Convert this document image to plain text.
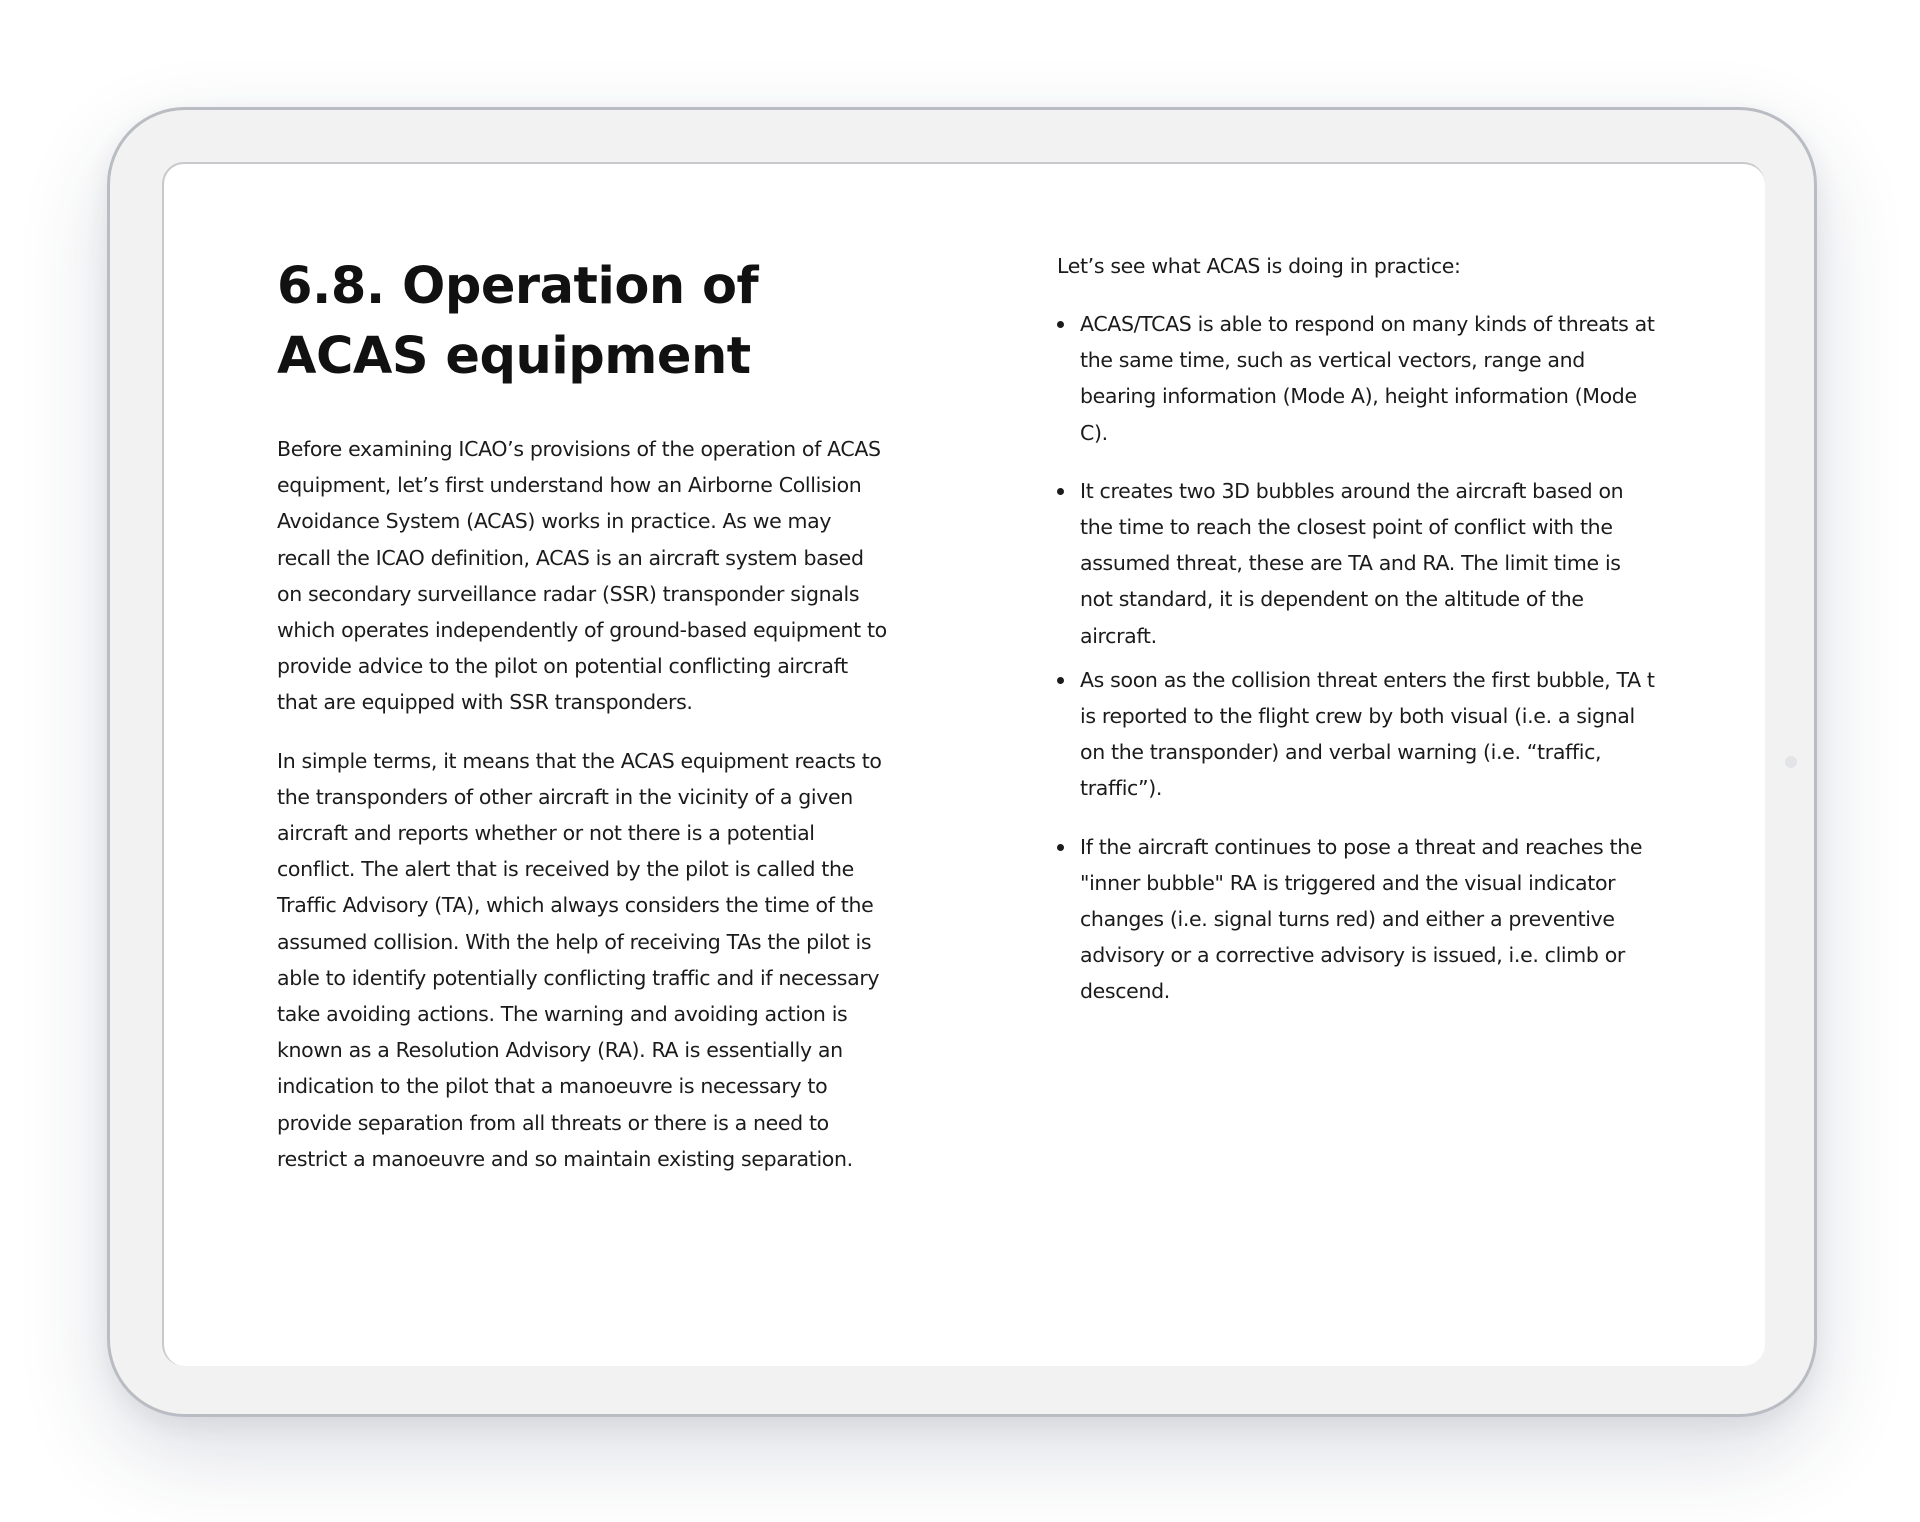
6.8. Operation of ACAS equipment

Before examining ICAO’s provisions of the operation of ACAS equipment, let’s first understand how an Airborne Collision Avoidance System (ACAS) works in practice. As we may recall the ICAO definition, ACAS is an aircraft system based on secondary surveillance radar (SSR) transponder signals which operates independently of ground-based equipment to provide advice to the pilot on potential conflicting aircraft that are equipped with SSR transponders.

In simple terms, it means that the ACAS equipment reacts to the transponders of other aircraft in the vicinity of a given aircraft and reports whether or not there is a potential conflict. The alert that is received by the pilot is called the Traffic Advisory (TA), which always considers the time of the assumed collision. With the help of receiving TAs the pilot is able to identify potentially conflicting traffic and if necessary take avoiding actions. The warning and avoiding action is known as a Resolution Advisory (RA). RA is essentially an indication to the pilot that a manoeuvre is necessary to provide separation from all threats or there is a need to restrict a manoeuvre and so maintain existing separation.

Let’s see what ACAS is doing in practice:

ACAS/TCAS is able to respond on many kinds of threats at the same time, such as vertical vectors, range and bearing information (Mode A), height information (Mode C).
It creates two 3D bubbles around the aircraft based on the time to reach the closest point of conflict with the assumed threat, these are TA and RA. The limit time is not standard, it is dependent on the altitude of the aircraft.
As soon as the collision threat enters the first bubble, TA t is reported to the flight crew by both visual (i.e. a signal on the transponder) and verbal warning (i.e. “traffic, traffic”).
If the aircraft continues to pose a threat and reaches the "inner bubble" RA is triggered and the visual indicator changes (i.e. signal turns red) and either a preventive advisory or a corrective advisory is issued, i.e. climb or descend.
